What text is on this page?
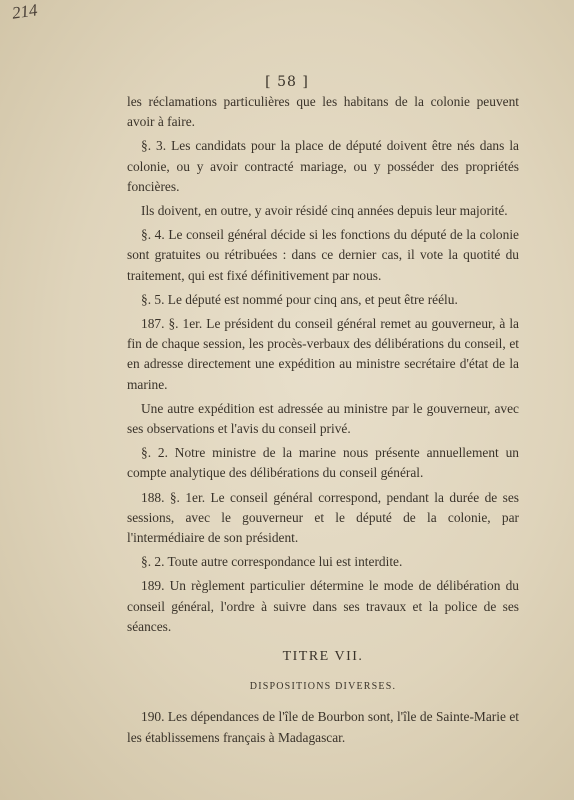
214
[ 58 ]

les réclamations particulières que les habitans de la colonie peuvent avoir à faire.

§. 3. Les candidats pour la place de député doivent être nés dans la colonie, ou y avoir contracté mariage, ou y posséder des propriétés foncières.

Ils doivent, en outre, y avoir résidé cinq années depuis leur majorité.

§. 4. Le conseil général décide si les fonctions du député de la colonie sont gratuites ou rétribuées : dans ce dernier cas, il vote la quotité du traitement, qui est fixé définitivement par nous.

§. 5. Le député est nommé pour cinq ans, et peut être réélu.

187. §. 1er. Le président du conseil général remet au gouverneur, à la fin de chaque session, les procès-verbaux des délibérations du conseil, et en adresse directement une expédition au ministre secrétaire d'état de la marine.

Une autre expédition est adressée au ministre par le gouverneur, avec ses observations et l'avis du conseil privé.

§. 2. Notre ministre de la marine nous présente annuellement un compte analytique des délibérations du conseil général.

188. §. 1er. Le conseil général correspond, pendant la durée de ses sessions, avec le gouverneur et le député de la colonie, par l'intermédiaire de son président.

§. 2. Toute autre correspondance lui est interdite.

189. Un règlement particulier détermine le mode de délibération du conseil général, l'ordre à suivre dans ses travaux et la police de ses séances.

TITRE VII.

DISPOSITIONS DIVERSES.

190. Les dépendances de l'île de Bourbon sont, l'île de Sainte-Marie et les établissemens français à Madagascar.
